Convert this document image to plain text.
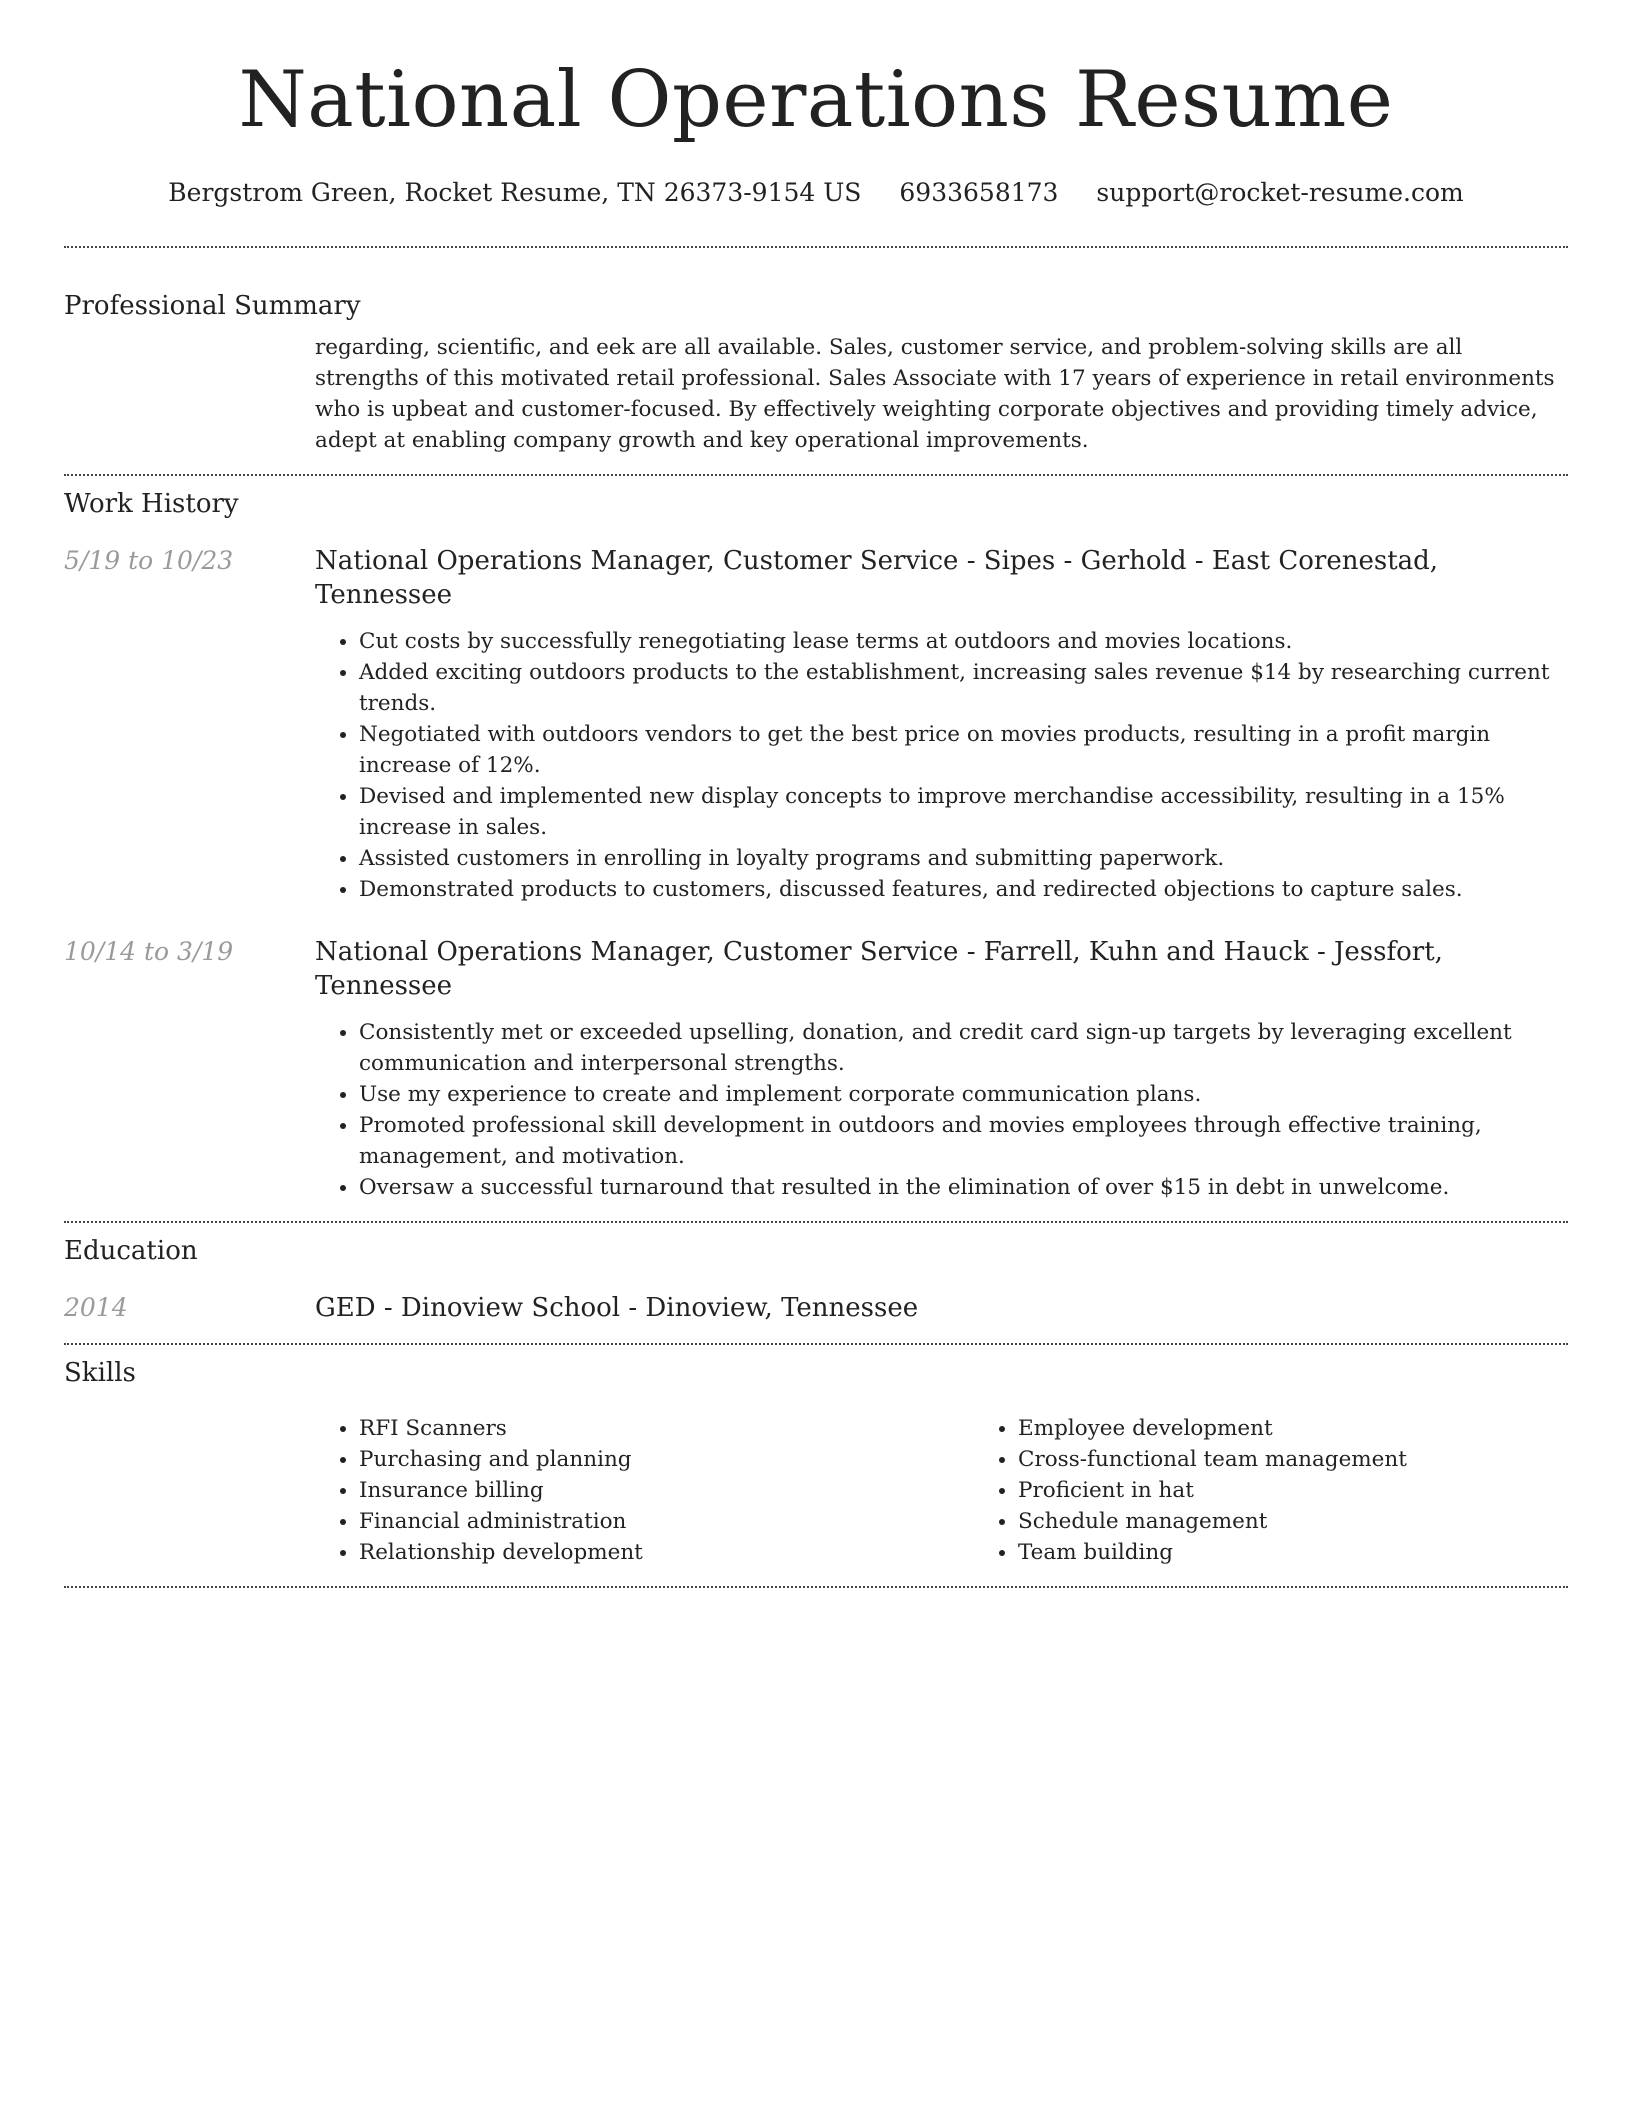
National Operations Resume
Bergstrom Green, Rocket Resume, TN 26373-9154 US 6933658173 support@rocket-resume.com
Professional Summary

regarding, scientific, and eek are all available. Sales, customer service, and problem-solving skills are all strengths of this motivated retail professional. Sales Associate with 17 years of experience in retail environments who is upbeat and customer-focused. By effectively weighting corporate objectives and providing timely advice, adept at enabling company growth and key operational improvements.

Work History
5/19 to 10/23	National Operations Manager, Customer Service - Sipes - Gerhold - East Corenestad, Tennessee

• Cut costs by successfully renegotiating lease terms at outdoors and movies locations.
• Added exciting outdoors products to the establishment, increasing sales revenue $14 by researching current trends.
• Negotiated with outdoors vendors to get the best price on movies products, resulting in a profit margin increase of 12%.
• Devised and implemented new display concepts to improve merchandise accessibility, resulting in a 15% increase in sales.
• Assisted customers in enrolling in loyalty programs and submitting paperwork.
• Demonstrated products to customers, discussed features, and redirected objections to capture sales.
10/14 to 3/19	National Operations Manager, Customer Service - Farrell, Kuhn and Hauck - Jessfort, Tennessee

• Consistently met or exceeded upselling, donation, and credit card sign-up targets by leveraging excellent communication and interpersonal strengths.
• Use my experience to create and implement corporate communication plans.
• Promoted professional skill development in outdoors and movies employees through effective training, management, and motivation.
• Oversaw a successful turnaround that resulted in the elimination of over $15 in debt in unwelcome.
Education
2014	GED - Dinoview School - Dinoview, Tennessee

Skills
• RFI Scanners
• Purchasing and planning
• Insurance billing
• Financial administration
• Relationship development
• Employee development
• Cross-functional team management
• Proficient in hat
• Schedule management
• Team building
